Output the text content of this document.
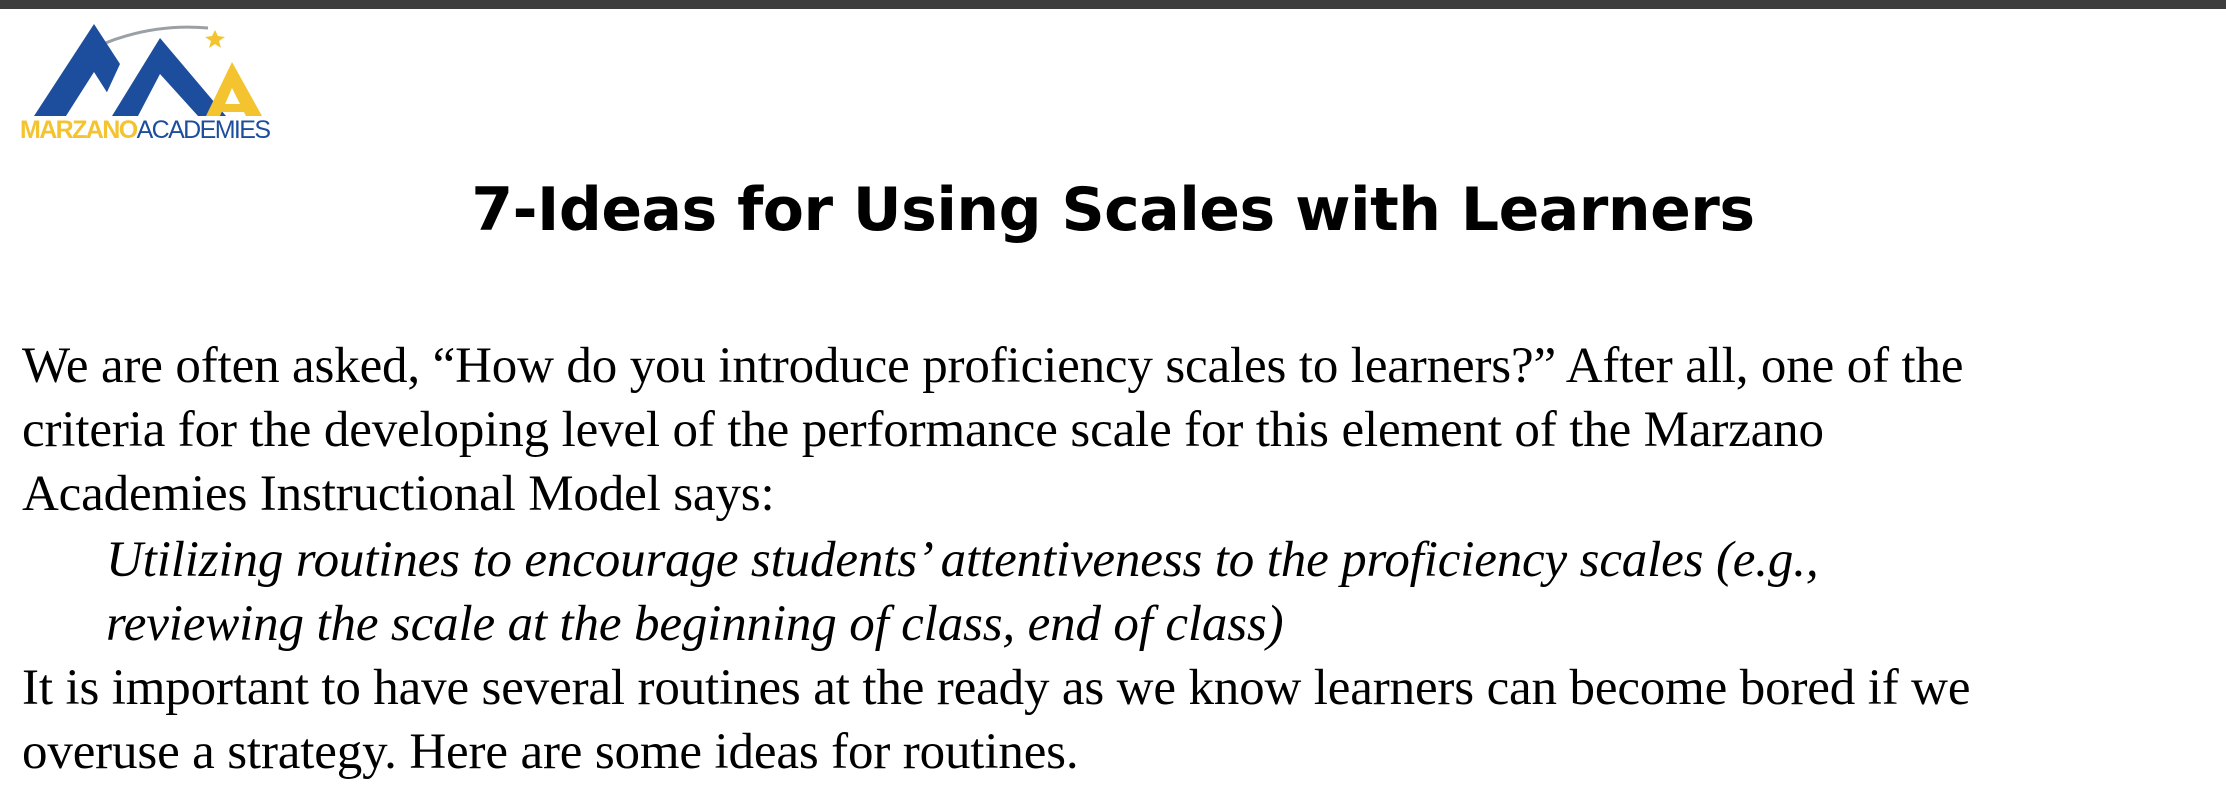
MARZANOACADEMIES
7-Ideas for Using Scales with Learners

We are often asked, “How do you introduce proficiency scales to learners?” After all, one of the
criteria for the developing level of the performance scale for this element of the Marzano
Academies Instructional Model says:

Utilizing routines to encourage students’ attentiveness to the proficiency scales (e.g.,
reviewing the scale at the beginning of class, end of class)

It is important to have several routines at the ready as we know learners can become bored if we
overuse a strategy. Here are some ideas for routines.
